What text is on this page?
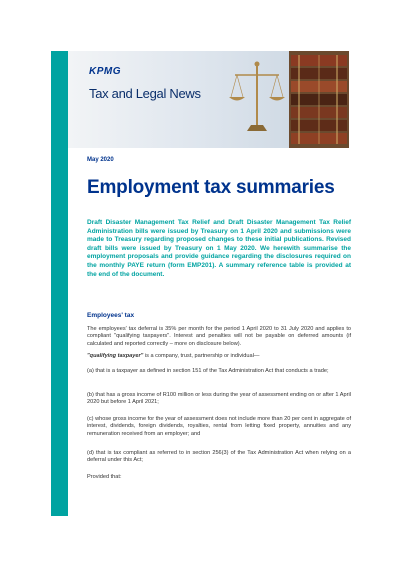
KPMG
Tax and Legal News
May 2020
Employment tax summaries

Draft Disaster Management Tax Relief and Draft Disaster Management Tax Relief Administration bills were issued by Treasury on 1 April 2020 and submissions were made to Treasury regarding proposed changes to these initial publications. Revised draft bills were issued by Treasury on 1 May 2020. We herewith summarise the employment proposals and provide guidance regarding the disclosures required on the monthly PAYE return (form EMP201). A summary reference table is provided at the end of the document.

Employees' tax

The employees' tax deferral is 35% per month for the period 1 April 2020 to 31 July 2020 and applies to compliant "qualifying taxpayers". Interest and penalties will not be payable on deferred amounts (if calculated and reported correctly – more on disclosure below).

"qualifying taxpayer" is a company, trust, partnership or individual—

(a) that is a taxpayer as defined in section 151 of the Tax Administration Act that conducts a trade;

(b) that has a gross income of R100 million or less during the year of assessment ending on or after 1 April 2020 but before 1 April 2021;

(c) whose gross income for the year of assessment does not include more than 20 per cent in aggregate of interest, dividends, foreign dividends, royalties, rental from letting fixed property, annuities and any remuneration received from an employer; and

(d) that is tax compliant as referred to in section 256(3) of the Tax Administration Act when relying on a deferral under this Act;

Provided that:
